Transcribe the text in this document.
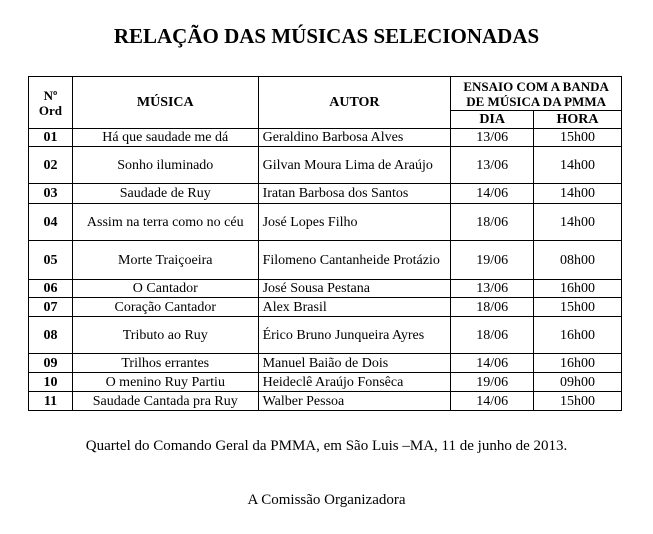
RELAÇÃO DAS MÚSICAS SELECIONADAS
Nº Ord	MÚSICA	AUTOR	ENSAIO COM A BANDA DE MÚSICA DA PMMA	
			DIA	HORA
01	Há que saudade me dá	Geraldino Barbosa Alves	13/06	15h00
02	Sonho iluminado	Gilvan Moura Lima de Araújo	13/06	14h00
03	Saudade de Ruy	Iratan Barbosa dos Santos	14/06	14h00
04	Assim na terra como no céu	José Lopes Filho	18/06	14h00
05	Morte Traiçoeira	Filomeno Cantanheide Protázio	19/06	08h00
06	O Cantador	José Sousa Pestana	13/06	16h00
07	Coração Cantador	Alex Brasil	18/06	15h00
08	Tributo ao Ruy	Érico Bruno Junqueira Ayres	18/06	16h00
09	Trilhos errantes	Manuel Baião de Dois	14/06	16h00
10	O menino Ruy Partiu	Heideclê Araújo Fonsêca	19/06	09h00
11	Saudade Cantada pra Ruy	Walber Pessoa	14/06	15h00
Quartel do Comando Geral da PMMA, em São Luis –MA, 11 de junho de 2013.
A Comissão Organizadora
